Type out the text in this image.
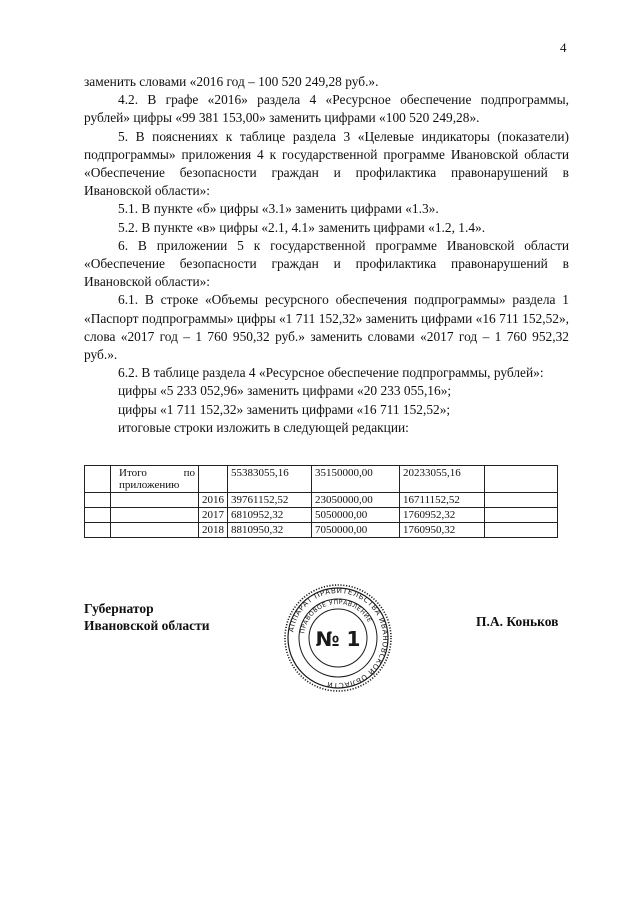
4

заменить словами «2016 год – 100 520 249,28 руб.».

4.2. В графе «2016» раздела 4 «Ресурсное обеспечение подпрограммы, рублей» цифры «99 381 153,00» заменить цифрами «100 520 249,28».

5. В пояснениях к таблице раздела 3 «Целевые индикаторы (показатели) подпрограммы» приложения 4 к государственной программе Ивановской области «Обеспечение безопасности граждан и профилактика правонарушений в Ивановской области»:

5.1. В пункте «б» цифры «3.1» заменить цифрами «1.3».

5.2. В пункте «в» цифры «2.1, 4.1» заменить цифрами «1.2, 1.4».

6. В приложении 5 к государственной программе Ивановской области «Обеспечение безопасности граждан и профилактика правонарушений в Ивановской области»:

6.1. В строке «Объемы ресурсного обеспечения подпрограммы» раздела 1 «Паспорт подпрограммы» цифры «1 711 152,32» заменить цифрами «16 711 152,52», слова «2017 год – 1 760 950,32 руб.» заменить словами «2017 год – 1 760 952,32 руб.».

6.2. В таблице раздела 4 «Ресурсное обеспечение подпрограммы, рублей»:

цифры «5 233 052,96» заменить цифрами «20 233 055,16»;

цифры «1 711 152,32» заменить цифрами «16 711 152,52»;

итоговые строки изложить в следующей редакции:

	Итого по приложению		55383055,16	35150000,00	20233055,16	
		2016	39761152,52	23050000,00	16711152,52	
		2017	6810952,32	5050000,00	1760952,32	
		2018	8810950,32	7050000,00	1760950,32	
Губернатор
Ивановской области	П.А. Коньков
АППАРАТ ПРАВИТЕЛЬСТВА ИВАНОВСКОЙ ОБЛАСТИ
ПРАВОВОЕ УПРАВЛЕНИЕ
№ 1
